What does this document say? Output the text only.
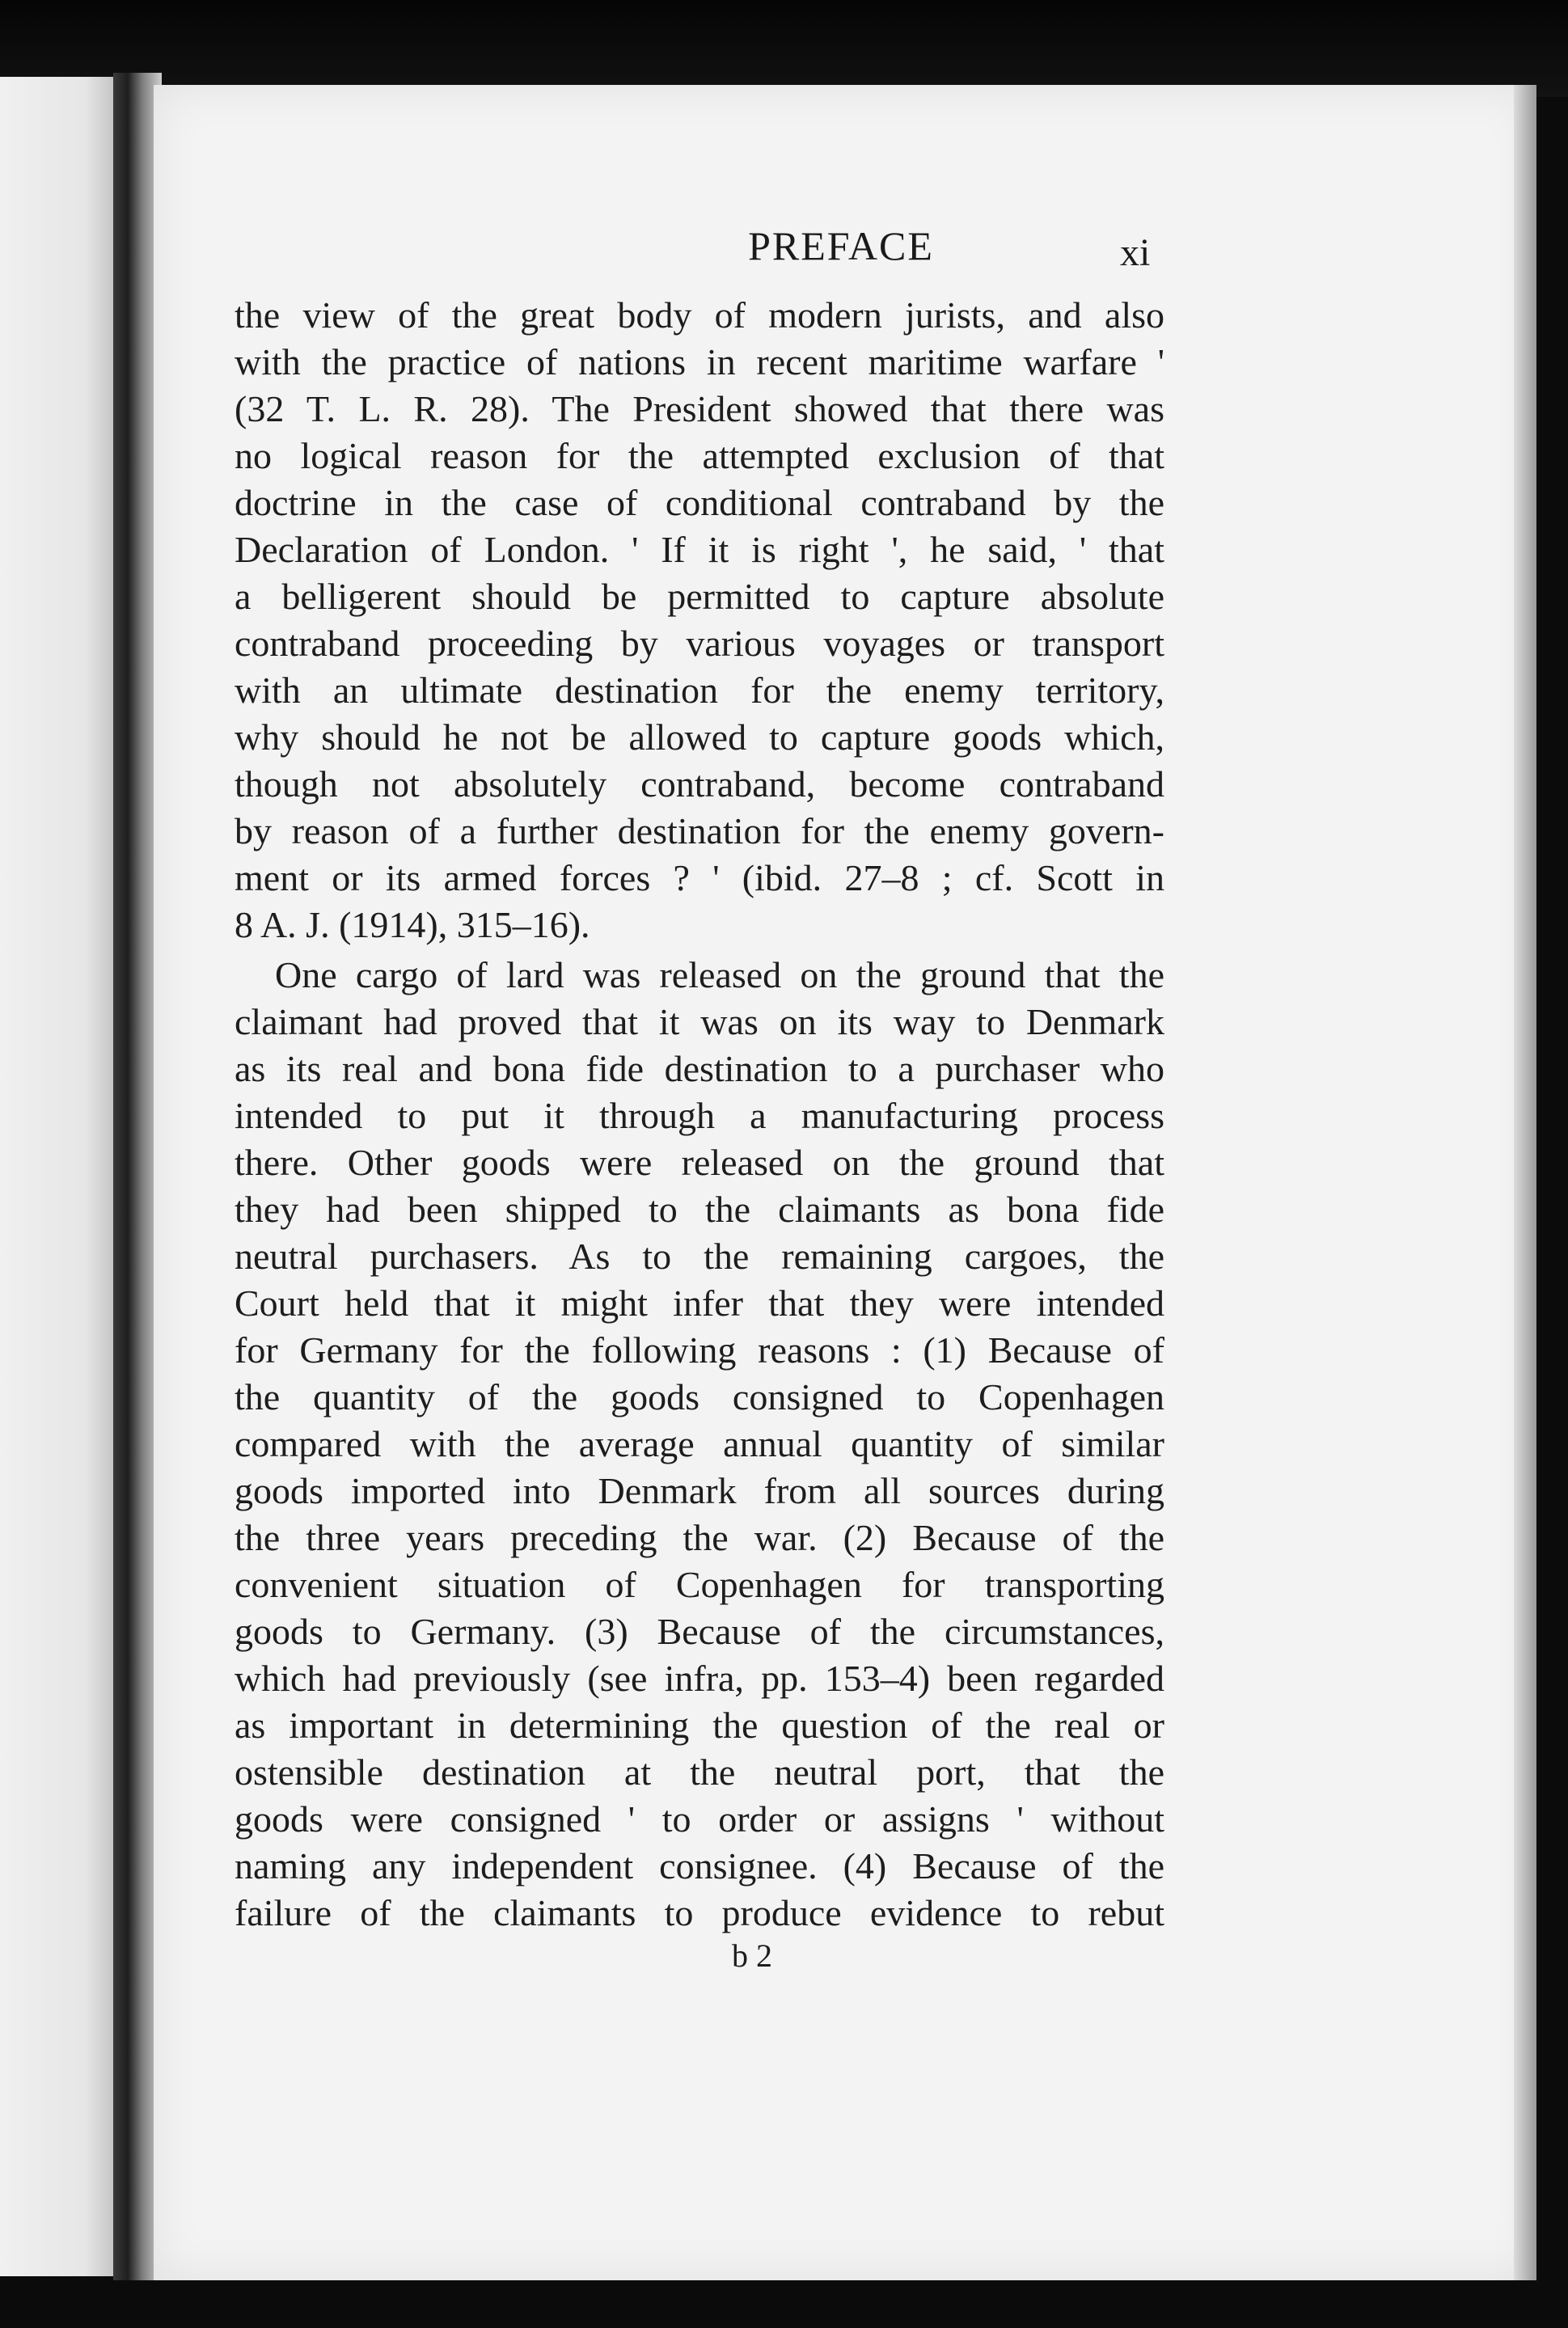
PREFACE	xi
the view of the great body of modern jurists, and also
with the practice of nations in recent maritime warfare '
(32 T. L. R. 28). The President showed that there was
no logical reason for the attempted exclusion of that
doctrine in the case of conditional contraband by the
Declaration of London. ' If it is right ', he said, ' that
a belligerent should be permitted to capture absolute
contraband proceeding by various voyages or transport
with an ultimate destination for the enemy territory,
why should he not be allowed to capture goods which,
though not absolutely contraband, become contraband
by reason of a further destination for the enemy govern-
ment or its armed forces ? ' (ibid. 27–8 ; cf. Scott in
8 A. J. (1914), 315–16).
One cargo of lard was released on the ground that the
claimant had proved that it was on its way to Denmark
as its real and bona fide destination to a purchaser who
intended to put it through a manufacturing process
there. Other goods were released on the ground that
they had been shipped to the claimants as bona fide
neutral purchasers. As to the remaining cargoes, the
Court held that it might infer that they were intended
for Germany for the following reasons : (1) Because of
the quantity of the goods consigned to Copenhagen
compared with the average annual quantity of similar
goods imported into Denmark from all sources during
the three years preceding the war. (2) Because of the
convenient situation of Copenhagen for transporting
goods to Germany. (3) Because of the circumstances,
which had previously (see infra, pp. 153–4) been regarded
as important in determining the question of the real or
ostensible destination at the neutral port, that the
goods were consigned ' to order or assigns ' without
naming any independent consignee. (4) Because of the
failure of the claimants to produce evidence to rebut
b 2
